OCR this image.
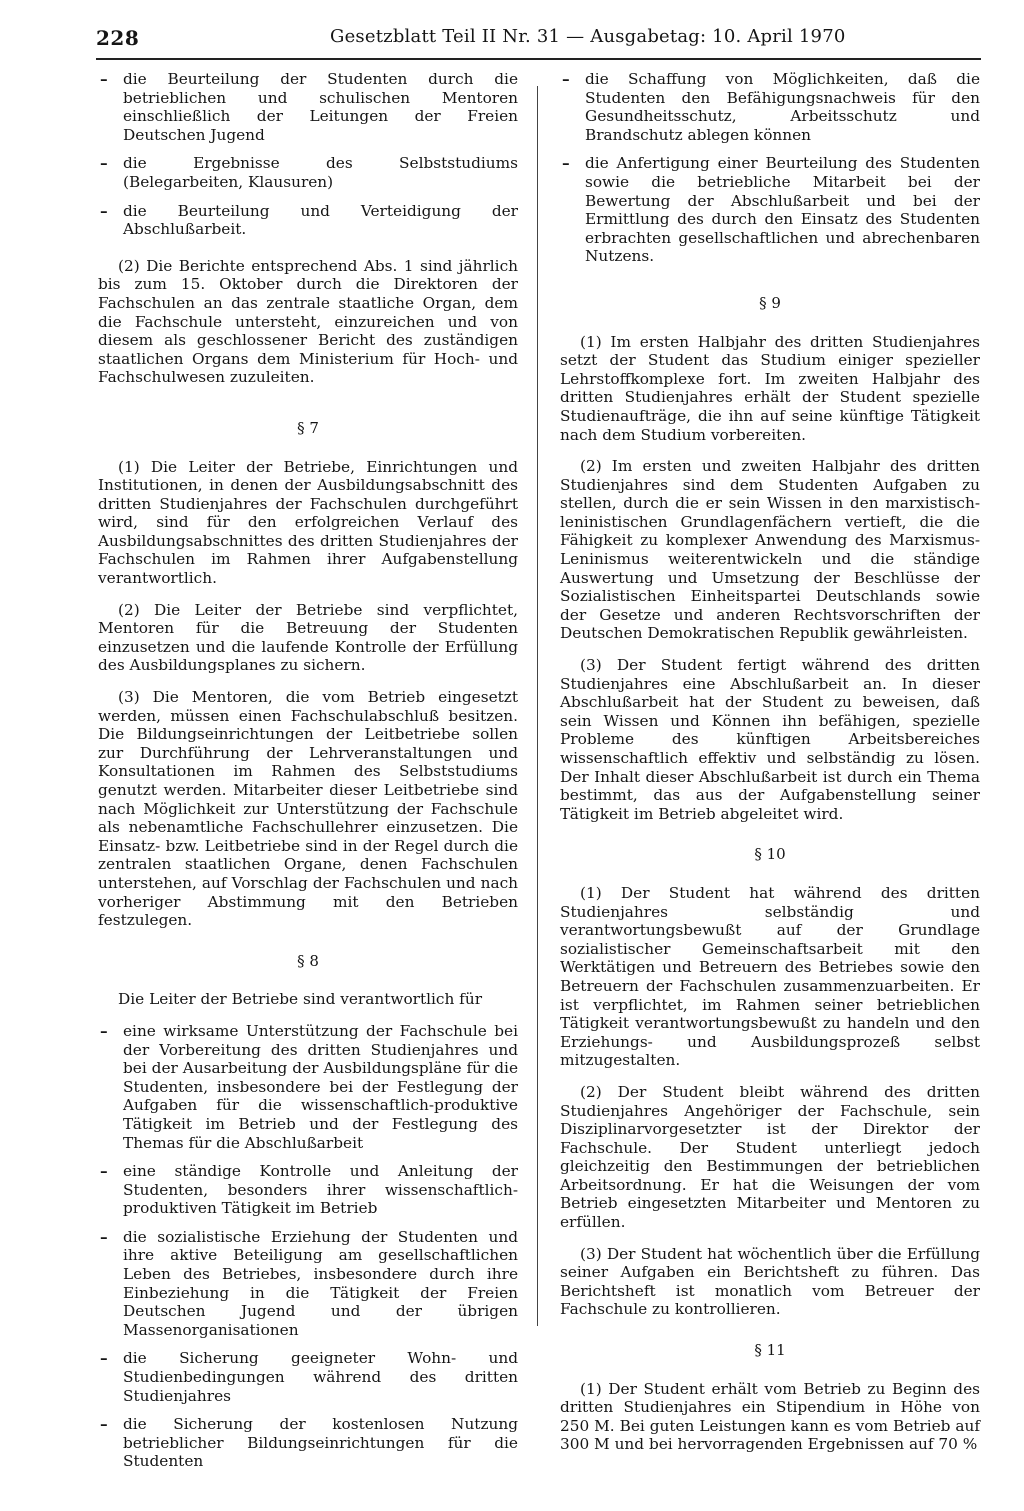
228	Gesetzblatt Teil II Nr. 31 — Ausgabetag: 10. April 1970
– die Beurteilung der Studenten durch die betrieblichen und schulischen Mentoren einschließlich der Leitungen der Freien Deutschen Jugend
– die Ergebnisse des Selbststudiums (Belegarbeiten, Klausuren)
– die Beurteilung und Verteidigung der Abschlußarbeit.

(2) Die Berichte entsprechend Abs. 1 sind jährlich bis zum 15. Oktober durch die Direktoren der Fachschulen an das zentrale staatliche Organ, dem die Fachschule untersteht, einzureichen und von diesem als geschlossener Bericht des zuständigen staatlichen Organs dem Ministerium für Hoch- und Fachschulwesen zuzuleiten.

§ 7

(1) Die Leiter der Betriebe, Einrichtungen und Institutionen, in denen der Ausbildungsabschnitt des dritten Studienjahres der Fachschulen durchgeführt wird, sind für den erfolgreichen Verlauf des Ausbildungsabschnittes des dritten Studienjahres der Fachschulen im Rahmen ihrer Aufgabenstellung verantwortlich.

(2) Die Leiter der Betriebe sind verpflichtet, Mentoren für die Betreuung der Studenten einzusetzen und die laufende Kontrolle der Erfüllung des Ausbildungsplanes zu sichern.

(3) Die Mentoren, die vom Betrieb eingesetzt werden, müssen einen Fachschulabschluß besitzen. Die Bildungseinrichtungen der Leitbetriebe sollen zur Durchführung der Lehrveranstaltungen und Konsultationen im Rahmen des Selbststudiums genutzt werden. Mitarbeiter dieser Leitbetriebe sind nach Möglichkeit zur Unterstützung der Fachschule als nebenamtliche Fachschullehrer einzusetzen. Die Einsatz- bzw. Leitbetriebe sind in der Regel durch die zentralen staatlichen Organe, denen Fachschulen unterstehen, auf Vorschlag der Fachschulen und nach vorheriger Abstimmung mit den Betrieben festzulegen.

§ 8

Die Leiter der Betriebe sind verantwortlich für

– eine wirksame Unterstützung der Fachschule bei der Vorbereitung des dritten Studienjahres und bei der Ausarbeitung der Ausbildungspläne für die Studenten, insbesondere bei der Festlegung der Aufgaben für die wissenschaftlich-produktive Tätigkeit im Betrieb und der Festlegung des Themas für die Abschlußarbeit
– eine ständige Kontrolle und Anleitung der Studenten, besonders ihrer wissenschaftlich-produktiven Tätigkeit im Betrieb
– die sozialistische Erziehung der Studenten und ihre aktive Beteiligung am gesellschaftlichen Leben des Betriebes, insbesondere durch ihre Einbeziehung in die Tätigkeit der Freien Deutschen Jugend und der übrigen Massenorganisationen
– die Sicherung geeigneter Wohn- und Studienbedingungen während des dritten Studienjahres
– die Sicherung der kostenlosen Nutzung betrieblicher Bildungseinrichtungen für die Studenten
– die Schaffung von Möglichkeiten, daß die Studenten den Befähigungsnachweis für den Gesundheitsschutz, Arbeitsschutz und Brandschutz ablegen können
– die Anfertigung einer Beurteilung des Studenten sowie die betriebliche Mitarbeit bei der Bewertung der Abschlußarbeit und bei der Ermittlung des durch den Einsatz des Studenten erbrachten gesellschaftlichen und abrechenbaren Nutzens.
§ 9

(1) Im ersten Halbjahr des dritten Studienjahres setzt der Student das Studium einiger spezieller Lehrstoffkomplexe fort. Im zweiten Halbjahr des dritten Studienjahres erhält der Student spezielle Studienaufträge, die ihn auf seine künftige Tätigkeit nach dem Studium vorbereiten.

(2) Im ersten und zweiten Halbjahr des dritten Studienjahres sind dem Studenten Aufgaben zu stellen, durch die er sein Wissen in den marxistisch-leninistischen Grundlagenfächern vertieft, die die Fähigkeit zu komplexer Anwendung des Marxismus-Leninismus weiterentwickeln und die ständige Auswertung und Umsetzung der Beschlüsse der Sozialistischen Einheitspartei Deutschlands sowie der Gesetze und anderen Rechtsvorschriften der Deutschen Demokratischen Republik gewährleisten.

(3) Der Student fertigt während des dritten Studienjahres eine Abschlußarbeit an. In dieser Abschlußarbeit hat der Student zu beweisen, daß sein Wissen und Können ihn befähigen, spezielle Probleme des künftigen Arbeitsbereiches wissenschaftlich effektiv und selbständig zu lösen. Der Inhalt dieser Abschlußarbeit ist durch ein Thema bestimmt, das aus der Aufgabenstellung seiner Tätigkeit im Betrieb abgeleitet wird.

§ 10

(1) Der Student hat während des dritten Studienjahres selbständig und verantwortungsbewußt auf der Grundlage sozialistischer Gemeinschaftsarbeit mit den Werktätigen und Betreuern des Betriebes sowie den Betreuern der Fachschulen zusammenzuarbeiten. Er ist verpflichtet, im Rahmen seiner betrieblichen Tätigkeit verantwortungsbewußt zu handeln und den Erziehungs- und Ausbildungsprozeß selbst mitzugestalten.

(2) Der Student bleibt während des dritten Studienjahres Angehöriger der Fachschule, sein Disziplinarvorgesetzter ist der Direktor der Fachschule. Der Student unterliegt jedoch gleichzeitig den Bestimmungen der betrieblichen Arbeitsordnung. Er hat die Weisungen der vom Betrieb eingesetzten Mitarbeiter und Mentoren zu erfüllen.

(3) Der Student hat wöchentlich über die Erfüllung seiner Aufgaben ein Berichtsheft zu führen. Das Berichtsheft ist monatlich vom Betreuer der Fachschule zu kontrollieren.

§ 11

(1) Der Student erhält vom Betrieb zu Beginn des dritten Studienjahres ein Stipendium in Höhe von 250 M. Bei guten Leistungen kann es vom Betrieb auf 300 M und bei hervorragenden Ergebnissen auf 70 %
